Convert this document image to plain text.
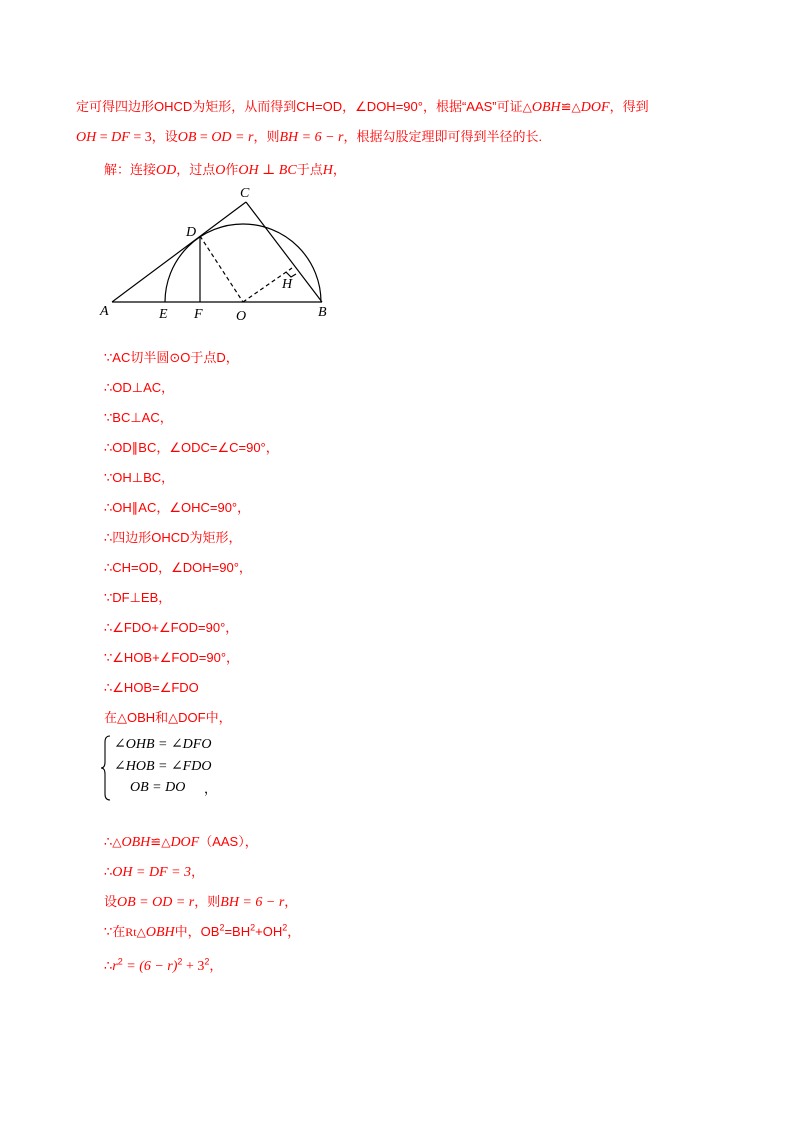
定可得四边形OHCD为矩形，从而得到CH=OD，∠DOH=90°，根据“AAS”可证△OBH≌△DOF，得到
OH = DF = 3，设OB = OD = r，则BH = 6 − r，根据勾股定理即可得到半径的长.
解：连接OD，过点O作OH ⊥ BC于点H，
C
D
H
A	E F O	B
∵AC切半圆⊙O于点D，
∴OD⊥AC，
∵BC⊥AC，
∴OD∥BC，∠ODC=∠C=90°，
∵OH⊥BC，
∴OH∥AC，∠OHC=90°，
∴四边形OHCD为矩形，
∴CH=OD，∠DOH=90°，
∵DF⊥EB，
∴∠FDO+∠FOD=90°，
∵∠HOB+∠FOD=90°，
∴∠HOB=∠FDO
在△OBH和△DOF中，
∠OHB = ∠DFO
∠HOB = ∠FDO
OB = DO ，
∴△OBH≌△DOF（AAS），
∴OH = DF = 3，
设OB = OD = r，则BH = 6 − r，
∵在Rt△OBH中，$OB^2=BH^2+OH^2$，
$\therefore r^2 = (6 - r)^2 + 3^2$，
